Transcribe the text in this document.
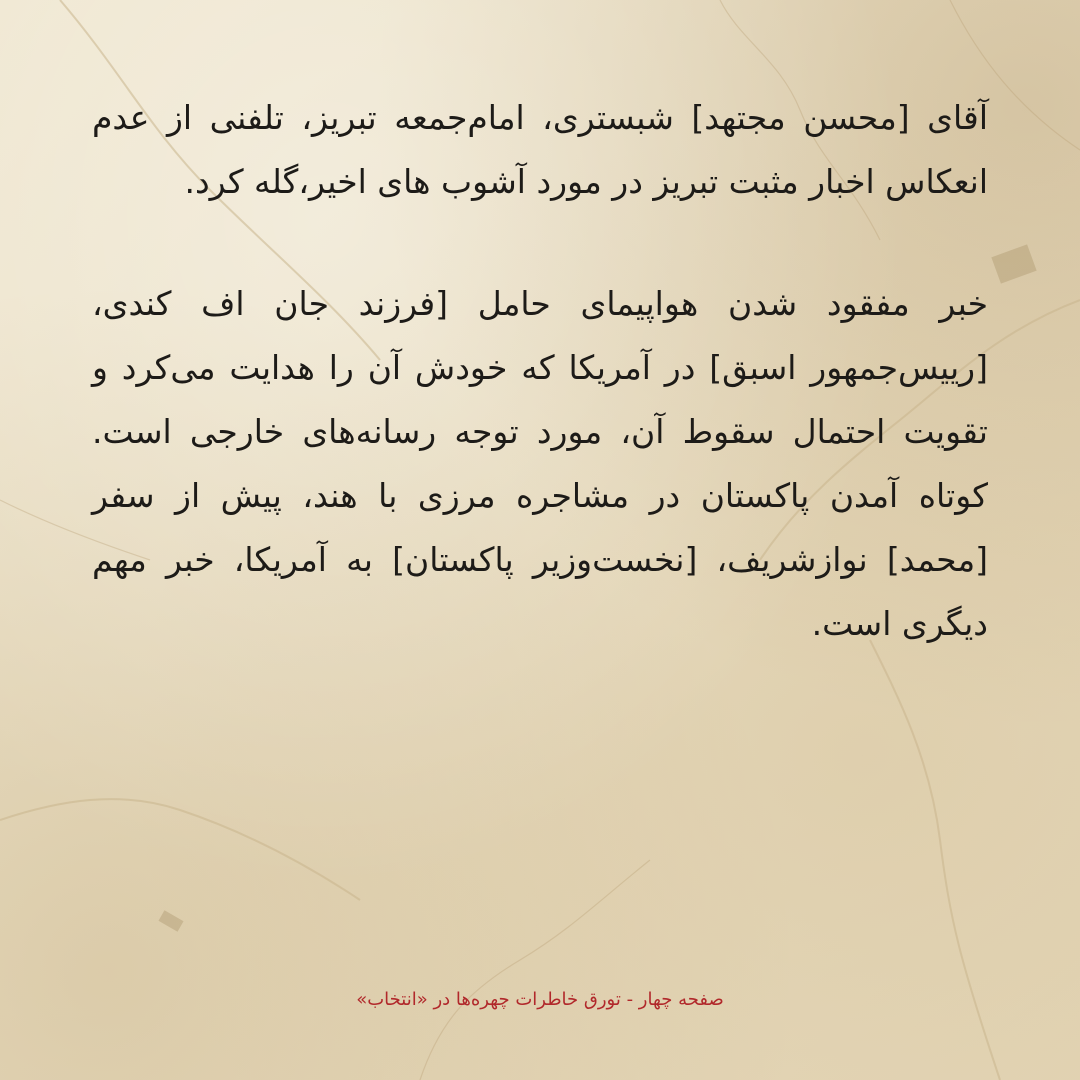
آقای [محسن مجتهد] شبستری، امام‌جمعه تبریز، تلفنی از عدم انعکاس اخبار مثبت تبریز در مورد آشوب های اخیر،گله کرد.

خبر مفقود شدن هواپیمای حامل [فرزند جان اف کندی، [رییس‌جمهور اسبق] در آمریکا که خودش آن را هدایت می‌کرد و تقویت احتمال سقوط آن، مورد توجه رسانه‌های خارجی است. کوتاه آمدن پاکستان در مشاجره مرزی با هند، پیش از سفر [محمد] نوازشریف، [نخست‌وزیر پاکستان] به آمریکا، خبر مهم دیگری است.

صفحه چهار - تورق خاطرات چهره‌ها در «انتخاب»
